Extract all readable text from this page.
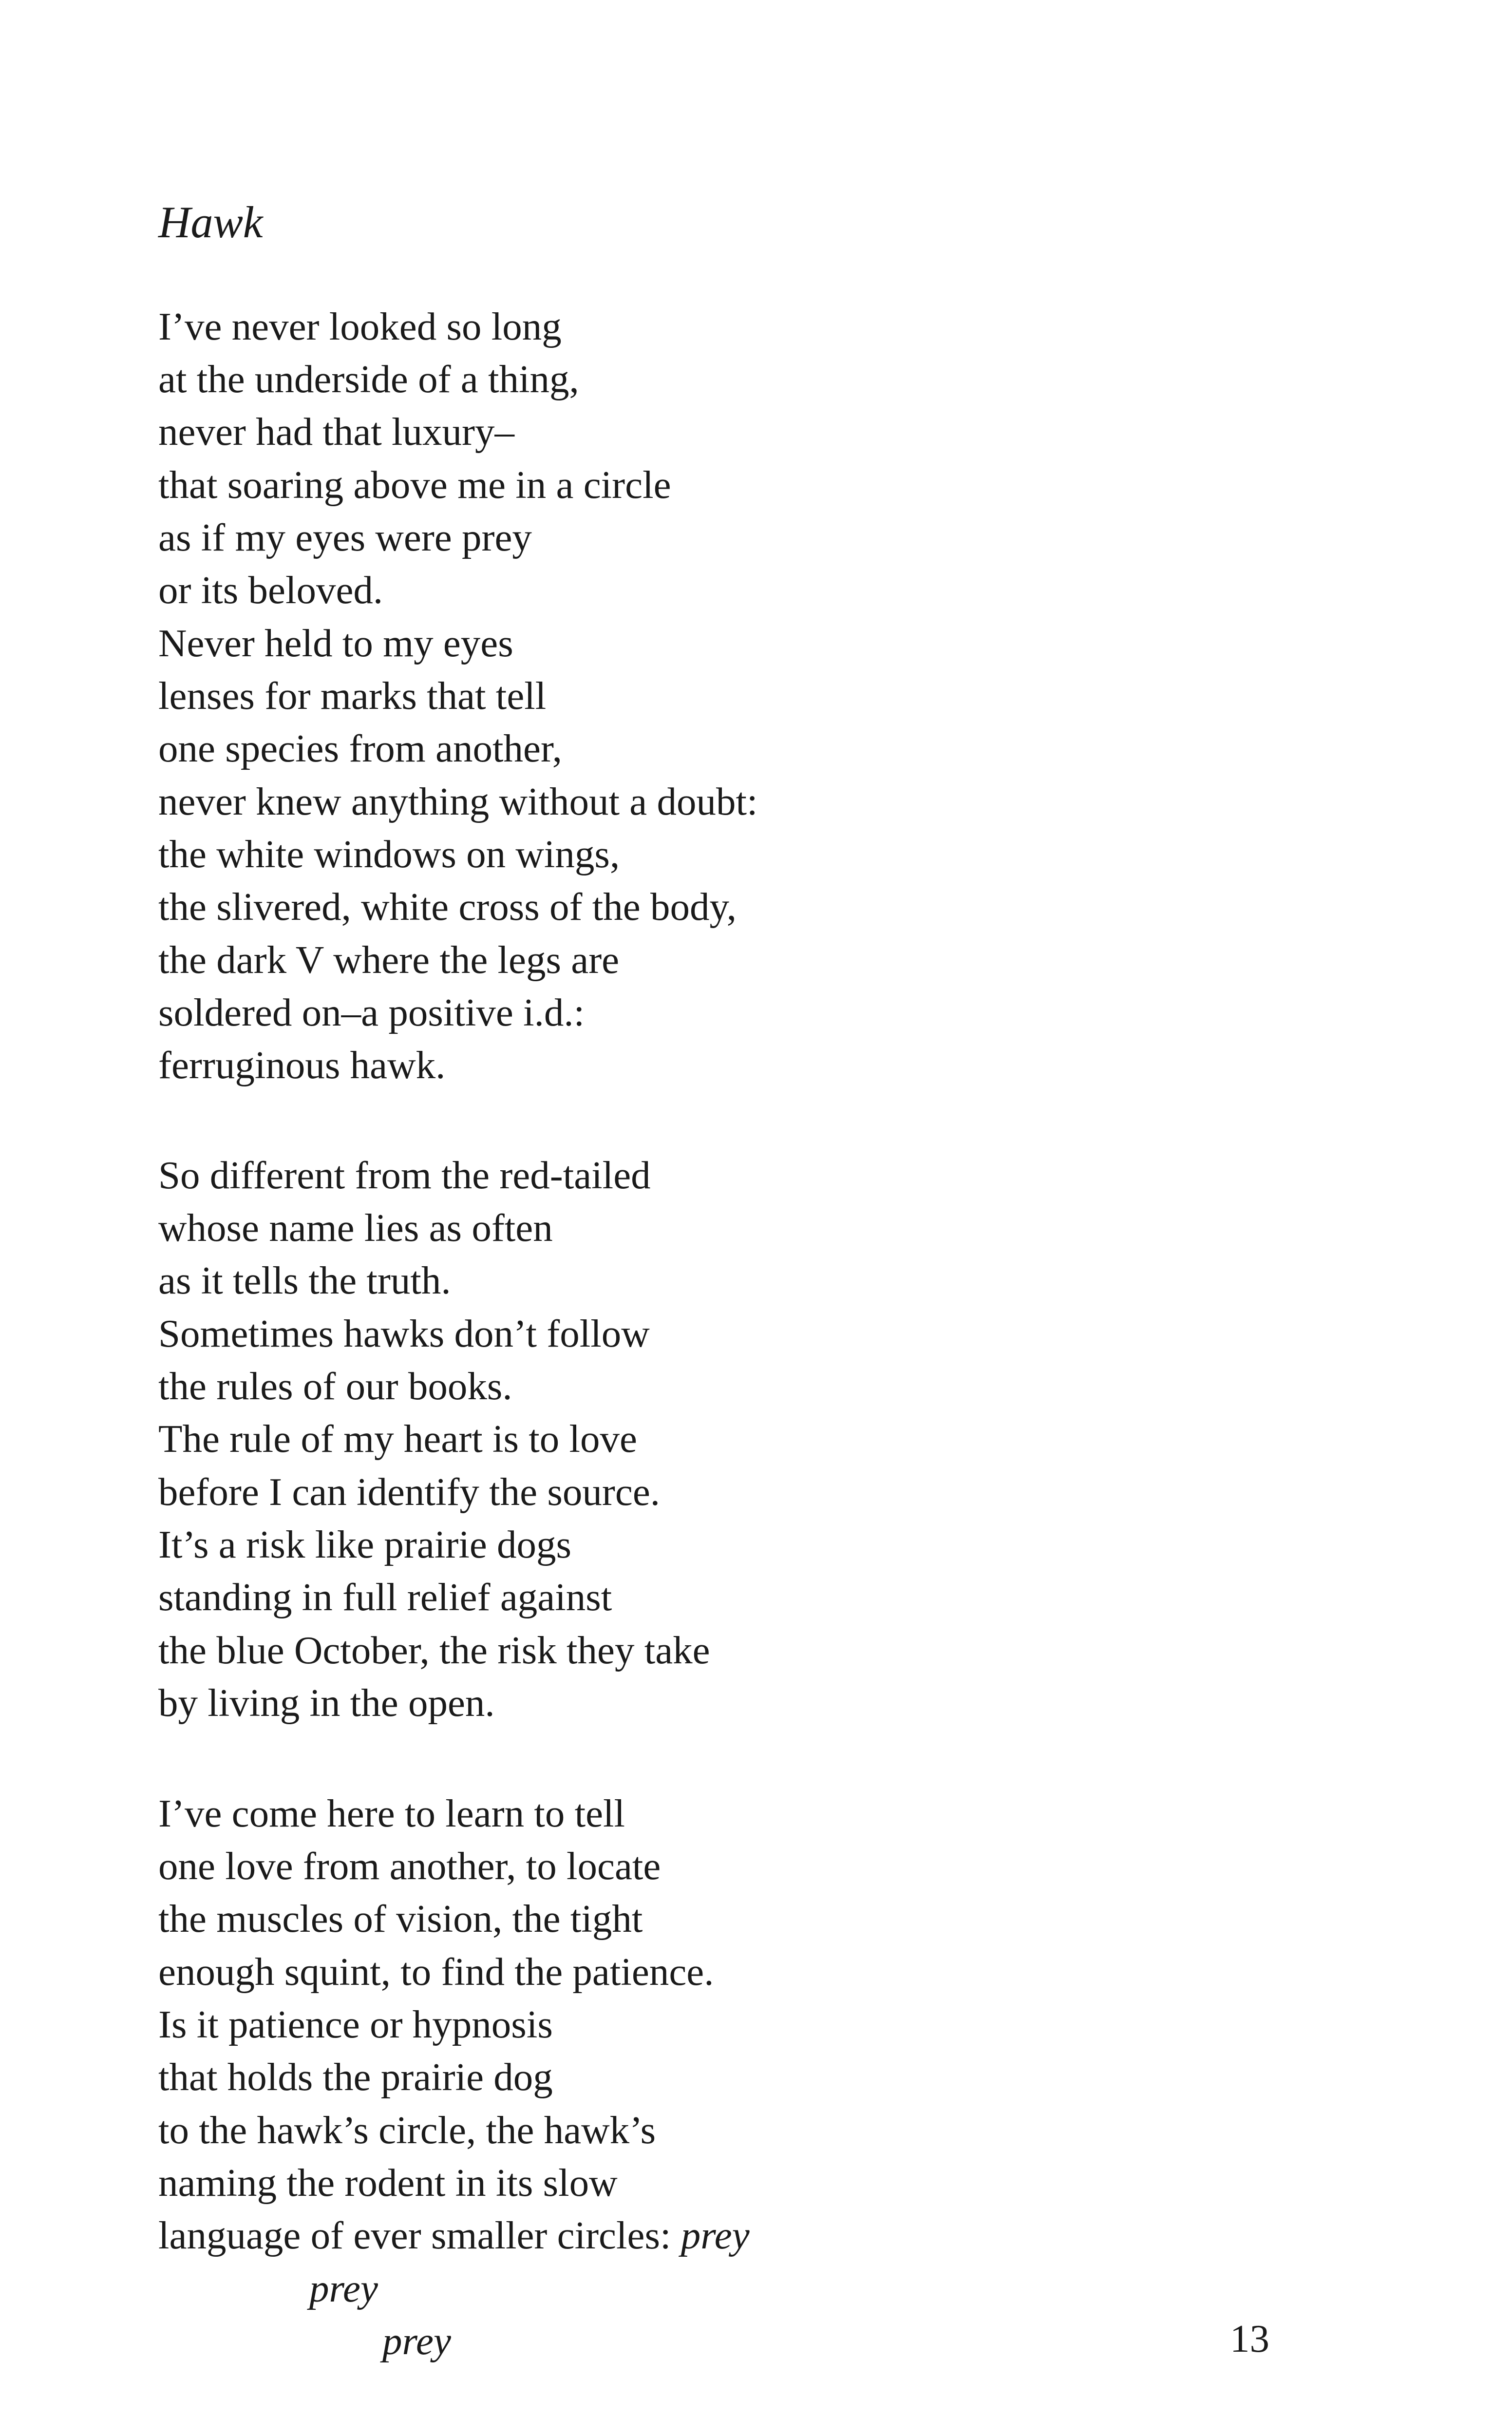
Hawk

I’ve never looked so long

at the underside of a thing,

never had that luxury–

that soaring above me in a circle

as if my eyes were prey

or its beloved.

Never held to my eyes

lenses for marks that tell

one species from another,

never knew anything without a doubt:

the white windows on wings,

the slivered, white cross of the body,

the dark V where the legs are

soldered on–a positive i.d.:

ferruginous hawk.

So different from the red-tailed

whose name lies as often

as it tells the truth.

Sometimes hawks don’t follow

the rules of our books.

The rule of my heart is to love

before I can identify the source.

It’s a risk like prairie dogs

standing in full relief against

the blue October, the risk they take

by living in the open.

I’ve come here to learn to tell

one love from another, to locate

the muscles of vision, the tight

enough squint, to find the patience.

Is it patience or hypnosis

that holds the prairie dog

to the hawk’s circle, the hawk’s

naming the rodent in its slow

language of ever smaller circles: prey

prey

prey	13
